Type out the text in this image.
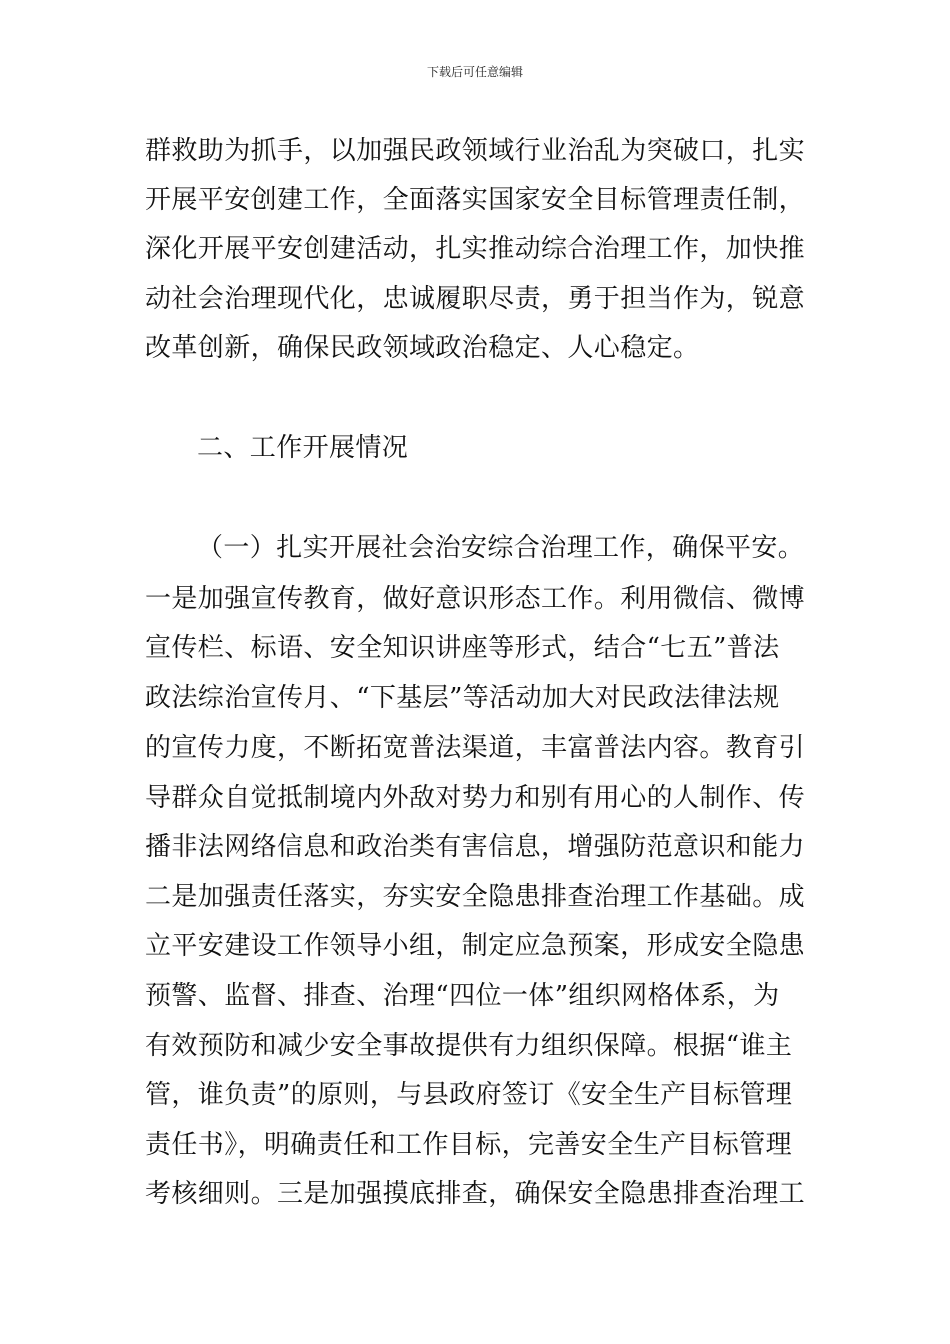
下载后可任意编辑
群救助为抓手，以加强民政领域行业治乱为突破口，扎实
开展平安创建工作，全面落实国家安全目标管理责任制，
深化开展平安创建活动，扎实推动综合治理工作，加快推
动社会治理现代化，忠诚履职尽责，勇于担当作为，锐意
改革创新，确保民政领域政治稳定、人心稳定。
二、工作开展情况
（一）扎实开展社会治安综合治理工作，确保平安。
一是加强宣传教育，做好意识形态工作。利用微信、微博
宣传栏、标语、安全知识讲座等形式，结合“七五”普法
政法综治宣传月、“下基层”等活动加大对民政法律法规
的宣传力度，不断拓宽普法渠道，丰富普法内容。教育引
导群众自觉抵制境内外敌对势力和别有用心的人制作、传
播非法网络信息和政治类有害信息，增强防范意识和能力
二是加强责任落实，夯实安全隐患排查治理工作基础。成
立平安建设工作领导小组，制定应急预案，形成安全隐患
预警、监督、排查、治理“四位一体”组织网格体系，为
有效预防和减少安全事故提供有力组织保障。根据“谁主
管，谁负责”的原则，与县政府签订《安全生产目标管理
责任书》，明确责任和工作目标，完善安全生产目标管理
考核细则。三是加强摸底排查，确保安全隐患排查治理工
